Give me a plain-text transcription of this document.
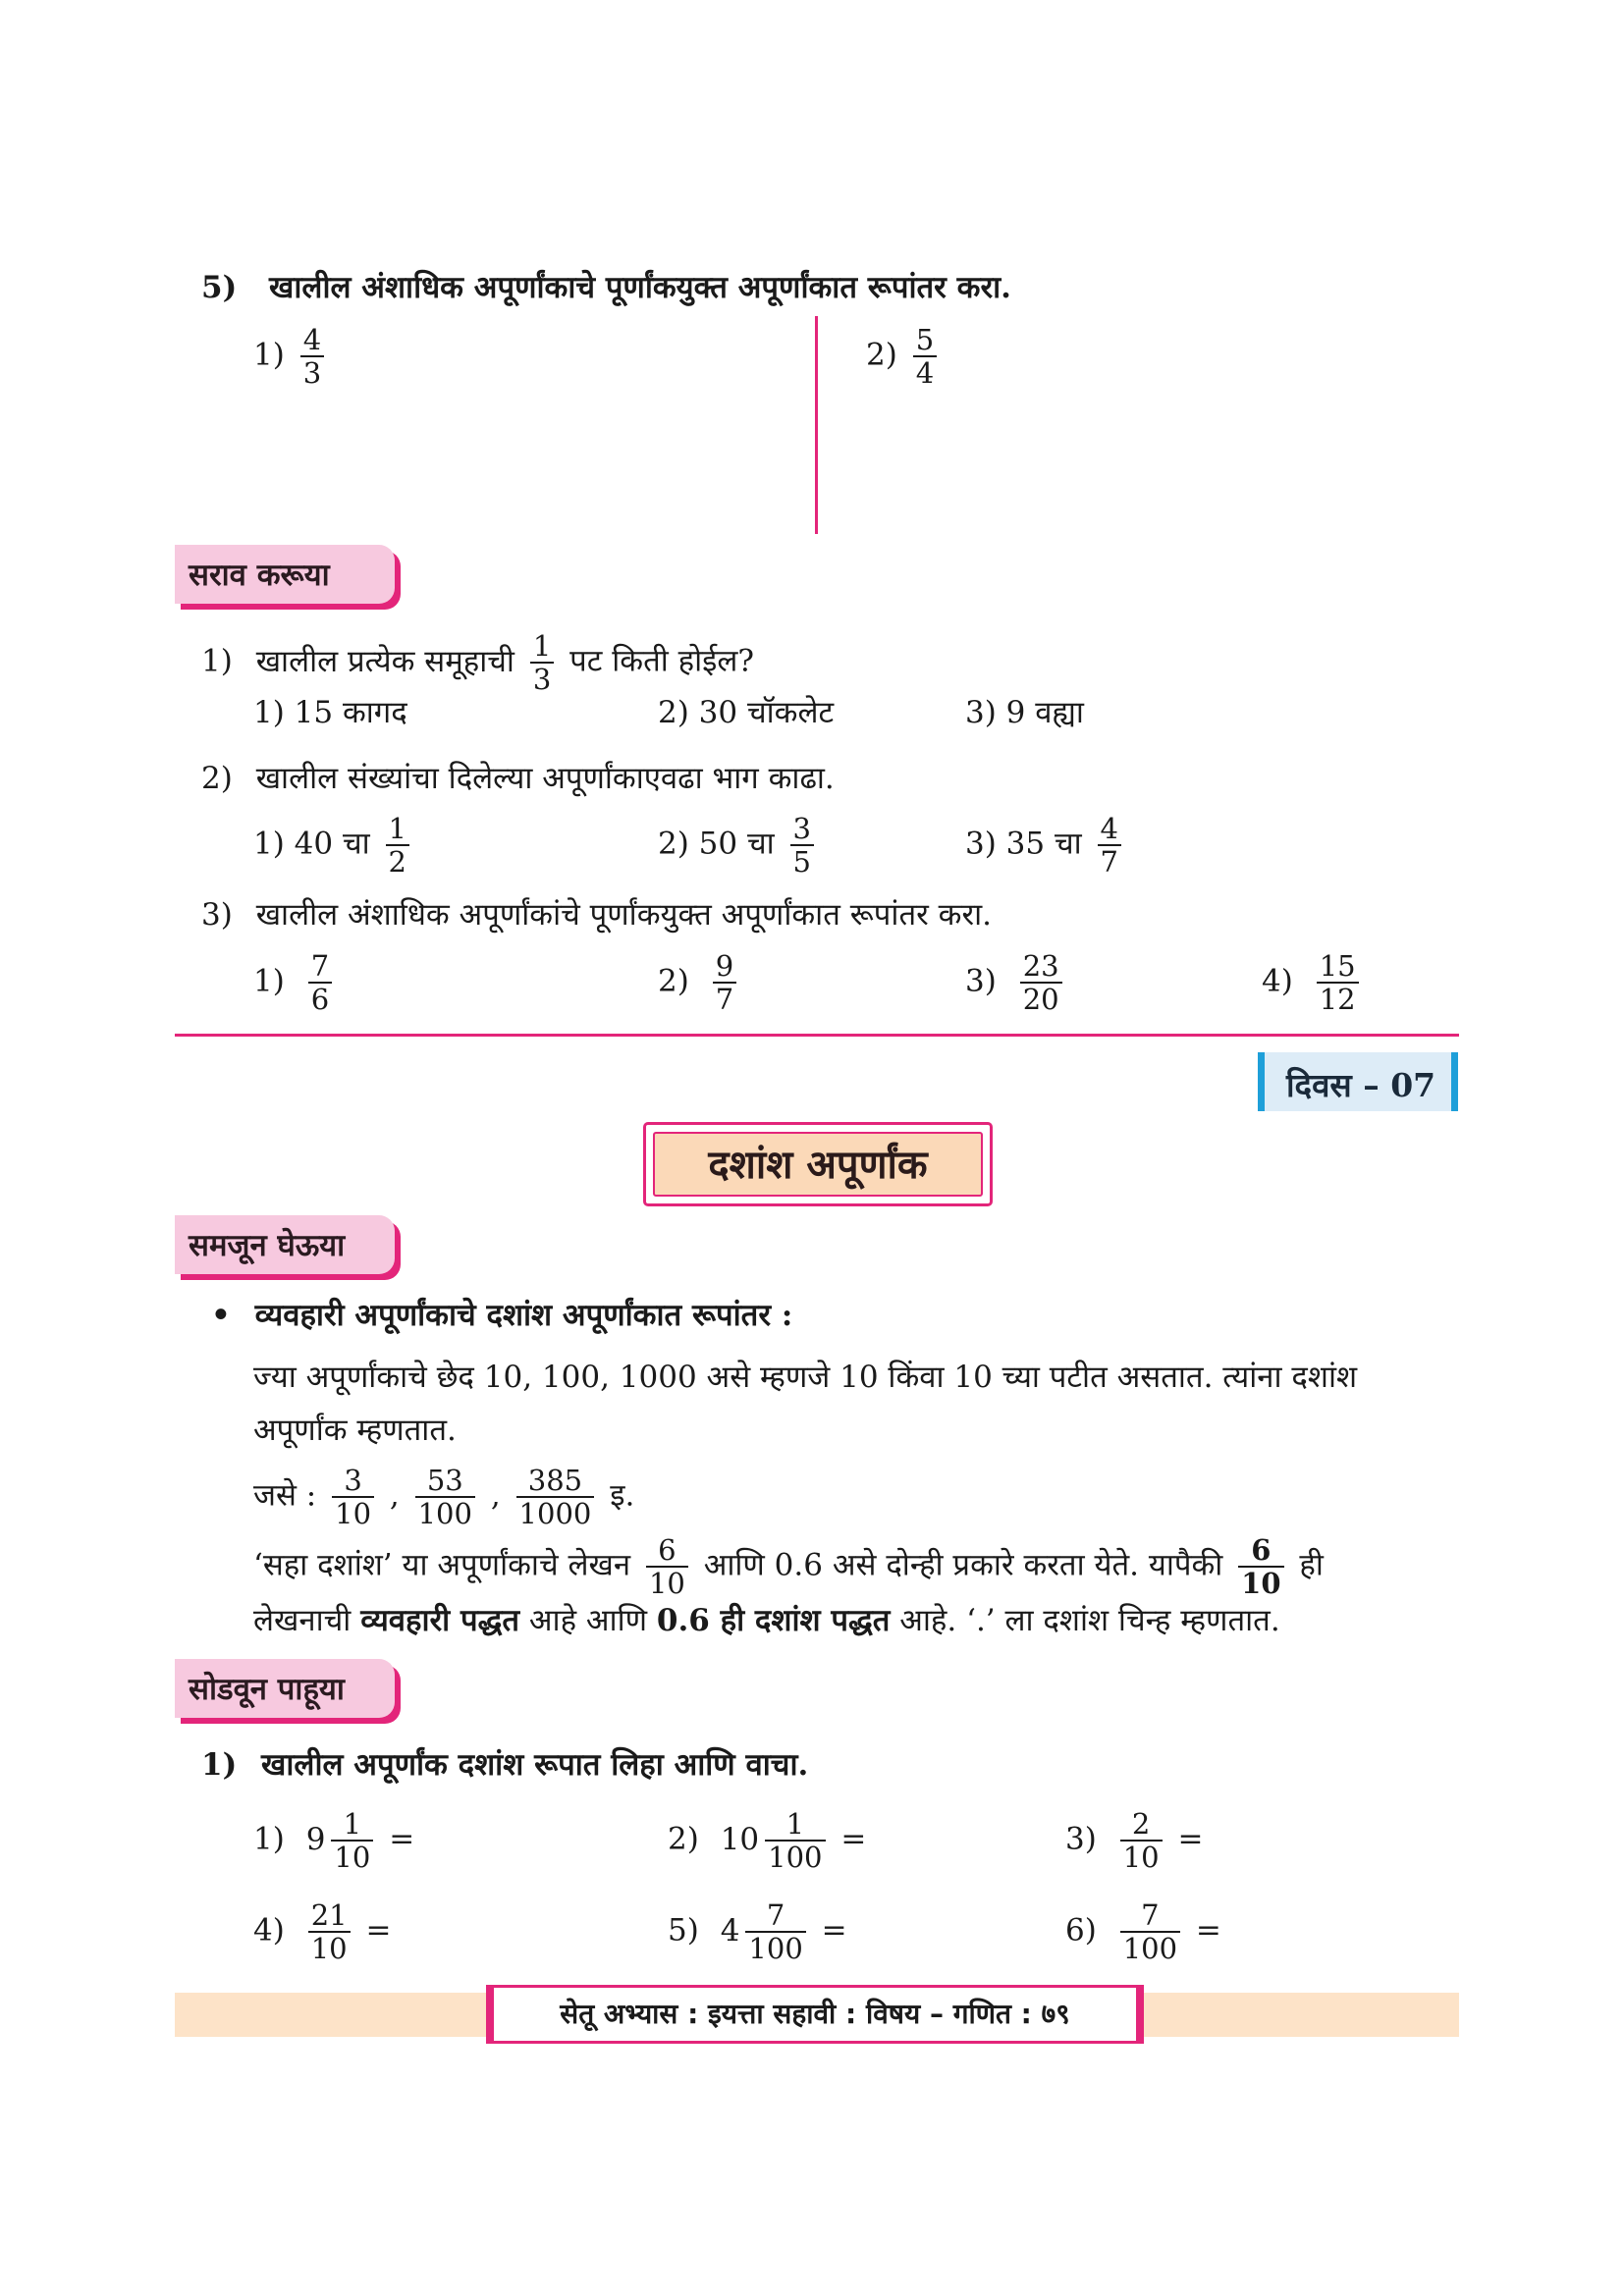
5) खालील अंशाधिक अपूर्णांकाचे पूर्णांकयुक्त अपूर्णांकात रूपांतर करा.
$1) \frac{4}{3}$	$2) \frac{5}{4}$
सराव करूया
1) खालील प्रत्येक समूहाची $\frac{1}{3}$ पट किती होईल?
1) 15 कागद	2) 30 चॉकलेट	3) 9 वह्या
2) खालील संख्यांचा दिलेल्या अपूर्णांकाएवढा भाग काढा.
1) 40 चा $\frac{1}{2}$	2) 50 चा $\frac{3}{5}$	3) 35 चा $\frac{4}{7}$
3) खालील अंशाधिक अपूर्णांकांचे पूर्णांकयुक्त अपूर्णांकात रूपांतर करा.
$1) \frac{7}{6}$	$2) \frac{9}{7}$	$3) \frac{23}{20}$	$4) \frac{15}{12}$
दिवस – 07
दशांश अपूर्णांक
समजून घेऊया
• व्यवहारी अपूर्णांकाचे दशांश अपूर्णांकात रूपांतर :
ज्या अपूर्णांकाचे छेद 10, 100, 1000 असे म्हणजे 10 किंवा 10 च्या पटीत असतात. त्यांना दशांश
अपूर्णांक म्हणतात.
जसे : $\frac{3}{10}$ , $\frac{53}{100}$ , $\frac{385}{1000}$ इ.
‘सहा दशांश’ या अपूर्णांकाचे लेखन $\frac{6}{10}$ आणि 0.6 असे दोन्ही प्रकारे करता येते. यापैकी $\frac{6}{10}$ ही
लेखनाची व्यवहारी पद्धत आहे आणि 0.6 ही दशांश पद्धत आहे. ‘.’ ला दशांश चिन्ह म्हणतात.
सोडवून पाहूया
1) खालील अपूर्णांक दशांश रूपात लिहा आणि वाचा.
1) $9 \frac{1}{10}$ =	2) $10 \frac{1}{100}$ =	$3) \frac{2}{10}$ =
$4) \frac{21}{10}$ =	5) $4 \frac{7}{100}$ =	$6) \frac{7}{100}$ =
सेतू अभ्यास : इयत्ता सहावी : विषय – गणित : ७९
